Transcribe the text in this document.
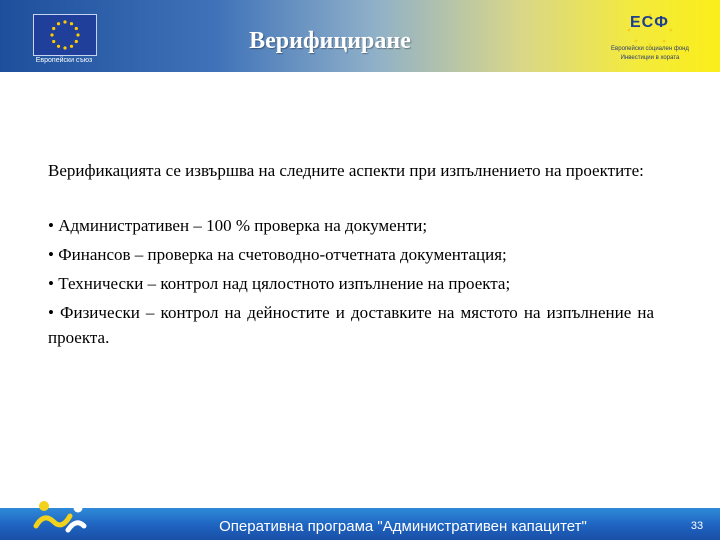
Европейски съюз
Верифициране
ЕСФ
Европейски социален фонд
Инвестиции в хората

Верификацията се извършва на следните аспекти при изпълнението на проектите:

• Административен – 100 % проверка на документи;

• Финансов – проверка на счетоводно-отчетната документация;

• Технически – контрол над цялостното изпълнение на проекта;

• Физически – контрол на дейностите и доставките на мястото на изпълнение на проекта.

Оперативна програма "Административен капацитет"	33
